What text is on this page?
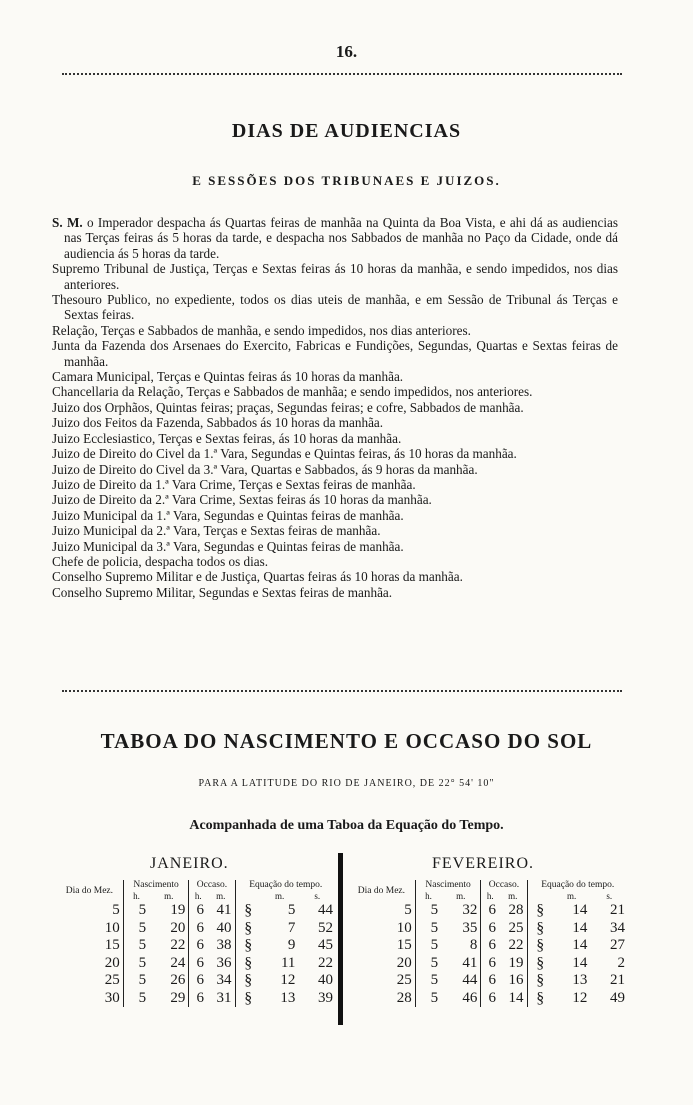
16.
DIAS DE AUDIENCIAS
E SESSÕES DOS TRIBUNAES E JUIZOS.
S. M. o Imperador despacha ás Quartas feiras de manhãa na Quinta da Boa Vista, e ahi dá as audiencias nas Terças feiras ás 5 horas da tarde, e despacha nos Sabbados de manhãa no Paço da Cidade, onde dá audiencia ás 5 horas da tarde.
Supremo Tribunal de Justiça, Terças e Sextas feiras ás 10 horas da manhãa, e sendo impedidos, nos dias anteriores.
Thesouro Publico, no expediente, todos os dias uteis de manhãa, e em Sessão de Tribunal ás Terças e Sextas feiras.
Relação, Terças e Sabbados de manhãa, e sendo impedidos, nos dias anteriores.
Junta da Fazenda dos Arsenaes do Exercito, Fabricas e Fundições, Segundas, Quartas e Sextas feiras de manhãa.
Camara Municipal, Terças e Quintas feiras ás 10 horas da manhãa.
Chancellaria da Relação, Terças e Sabbados de manhãa; e sendo impedidos, nos anteriores.
Juizo dos Orphãos, Quintas feiras; praças, Segundas feiras; e cofre, Sabbados de manhãa.
Juizo dos Feitos da Fazenda, Sabbados ás 10 horas da manhãa.
Juizo Ecclesiastico, Terças e Sextas feiras, ás 10 horas da manhãa.
Juizo de Direito do Civel da 1.ª Vara, Segundas e Quintas feiras, ás 10 horas da manhãa.
Juizo de Direito do Civel da 3.ª Vara, Quartas e Sabbados, ás 9 horas da manhãa.
Juizo de Direito da 1.ª Vara Crime, Terças e Sextas feiras de manhãa.
Juizo de Direito da 2.ª Vara Crime, Sextas feiras ás 10 horas da manhãa.
Juizo Municipal da 1.ª Vara, Segundas e Quintas feiras de manhãa.
Juizo Municipal da 2.ª Vara, Terças e Sextas feiras de manhãa.
Juizo Municipal da 3.ª Vara, Segundas e Quintas feiras de manhãa.
Chefe de policia, despacha todos os dias.
Conselho Supremo Militar e de Justiça, Quartas feiras ás 10 horas da manhãa.
Conselho Supremo Militar, Segundas e Sextas feiras de manhãa.
TABOA DO NASCIMENTO E OCCASO DO SOL
PARA A LATITUDE DO RIO DE JANEIRO, DE 22° 54' 10"
Acompanhada de uma Taboa da Equação do Tempo.
JANEIRO.	FEVEREIRO.
Dia do Mez.	Nascimento		Occaso.		Equação do tempo.		
	h.	m.	h.	m.		m.	s.
5	5	19	6	41	§	5	44
10	5	20	6	40	§	7	52
15	5	22	6	38	§	9	45
20	5	24	6	36	§	11	22
25	5	26	6	34	§	12	40
30	5	29	6	31	§	13	39
Dia do Mez.	Nascimento		Occaso.		Equação do tempo.		
	h.	m.	h.	m.		m.	s.
5	5	32	6	28	§	14	21
10	5	35	6	25	§	14	34
15	5	8	6	22	§	14	27
20	5	41	6	19	§	14	2
25	5	44	6	16	§	13	21
28	5	46	6	14	§	12	49
